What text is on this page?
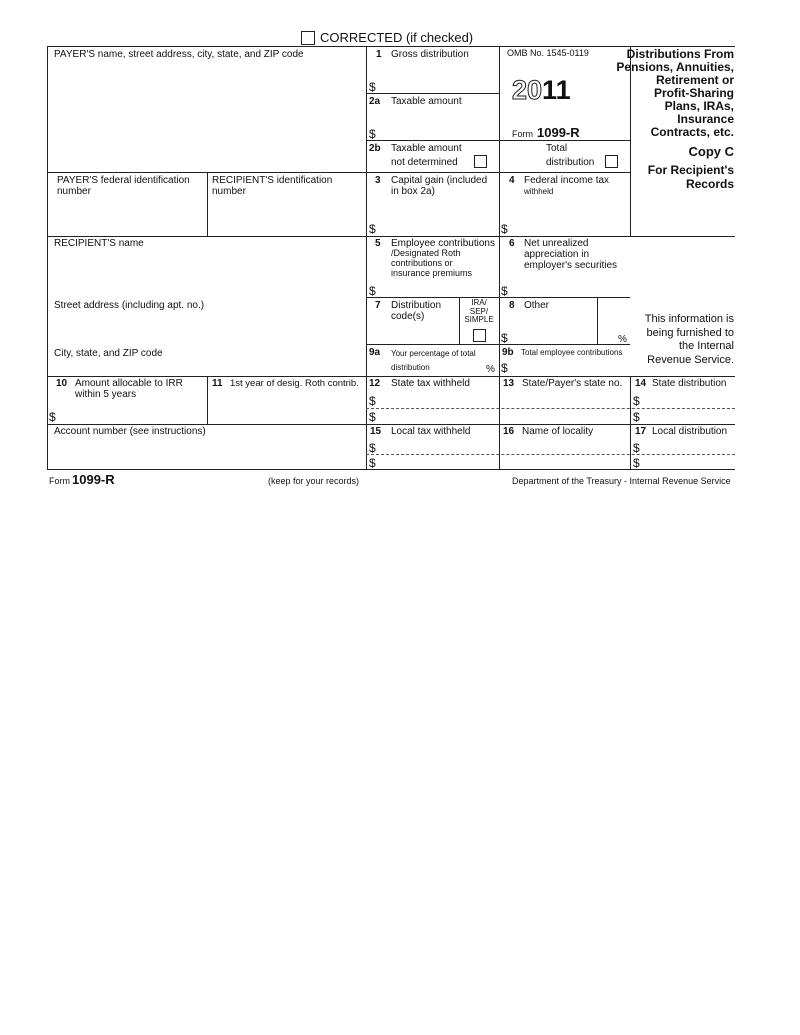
CORRECTED (if checked)
PAYER'S name, street address, city, state, and ZIP code	1 Gross distribution
$
2a Taxable amount
$
OMB No. 1545-0119
2011
Form 1099-R
Distributions From
Pensions, Annuities,
Retirement or
Profit-Sharing
Plans, IRAs,
Insurance
Contracts, etc.
2b Taxable amount
not determined
Total
distribution
Copy C
For Recipient's
Records
PAYER'S federal identification number
RECIPIENT'S identification number
3 Capital gain (included
in box 2a)
$
4 Federal income tax
withheld
$
RECIPIENT'S name
Street address (including apt. no.)
City, state, and ZIP code
5 Employee contributions
/Designated Roth
contributions or
insurance premiums
$
6 Net unrealized
appreciation in
employer's securities
$
This information is
being furnished to
the Internal
Revenue Service.
7 Distribution
code(s)
IRA/
SEP/
SIMPLE
8 Other
$	%
9a Your percentage of total
distribution	%
9b Total employee contributions
$
10 Amount allocable to IRR
within 5 years
$
11 1st year of desig. Roth contrib. 12 State tax withheld
$
$
13 State/Payer's state no. 14 State distribution
$
$
Account number (see instructions)	15 Local tax withheld
$
$
16 Name of locality	17 Local distribution
$
$
Form 1099-R	(keep for your records)	Department of the Treasury - Internal Revenue Service
